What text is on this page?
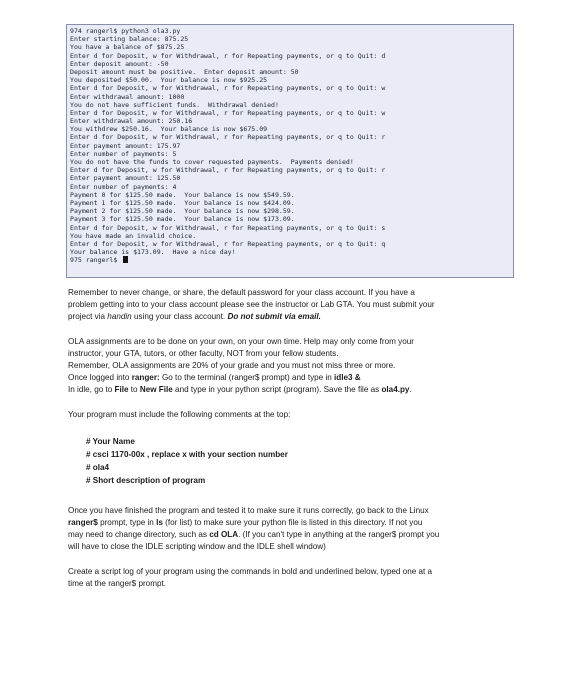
974 rangerl$ python3 ola3.py
Enter starting balance: 875.25
You have a balance of $875.25
Enter d for Deposit, w for Withdrawal, r for Repeating payments, or q to Quit: d
Enter deposit amount: -50
Deposit amount must be positive.  Enter deposit amount: 50
You deposited $50.00.  Your balance is now $925.25
Enter d for Deposit, w for Withdrawal, r for Repeating payments, or q to Quit: w
Enter withdrawal amount: 1000
You do not have sufficient funds.  Withdrawal denied!
Enter d for Deposit, w for Withdrawal, r for Repeating payments, or q to Quit: w
Enter withdrawal amount: 250.16
You withdrew $250.16.  Your balance is now $675.09
Enter d for Deposit, w for Withdrawal, r for Repeating payments, or q to Quit: r
Enter payment amount: 175.97
Enter number of payments: 5
You do not have the funds to cover requested payments.  Payments denied!
Enter d for Deposit, w for Withdrawal, r for Repeating payments, or q to Quit: r
Enter payment amount: 125.50
Enter number of payments: 4
Payment 0 for $125.50 made.  Your balance is now $549.59.
Payment 1 for $125.50 made.  Your balance is now $424.09.
Payment 2 for $125.50 made.  Your balance is now $298.59.
Payment 3 for $125.50 made.  Your balance is now $173.09.
Enter d for Deposit, w for Withdrawal, r for Repeating payments, or q to Quit: s
You have made an invalid choice.
Enter d for Deposit, w for Withdrawal, r for Repeating payments, or q to Quit: q
Your balance is $173.09.  Have a nice day!
975 rangerl$
Remember to never change, or share, the default password for your class account. If you have a
problem getting into to your class account please see the instructor or Lab GTA. You must submit your
project via handin using your class account. Do not submit via email.
OLA assignments are to be done on your own, on your own time. Help may only come from your
instructor, your GTA, tutors, or other faculty, NOT from your fellow students.
Remember, OLA assignments are 20% of your grade and you must not miss three or more.
Once logged into ranger: Go to the terminal (ranger$ prompt) and type in idle3 &
In idle, go to File to New File and type in your python script (program). Save the file as ola4.py.
Your program must include the following comments at the top:
# Your Name
# csci 1170-00x , replace x with your section number
# ola4
# Short description of program
Once you have finished the program and tested it to make sure it runs correctly, go back to the Linux
ranger$ prompt, type in ls (for list) to make sure your python file is listed in this directory. If not you
may need to change directory, such as cd OLA. (If you can't type in anything at the ranger$ prompt you
will have to close the IDLE scripting window and the IDLE shell window)
Create a script log of your program using the commands in bold and underlined below, typed one at a
time at the ranger$ prompt.
